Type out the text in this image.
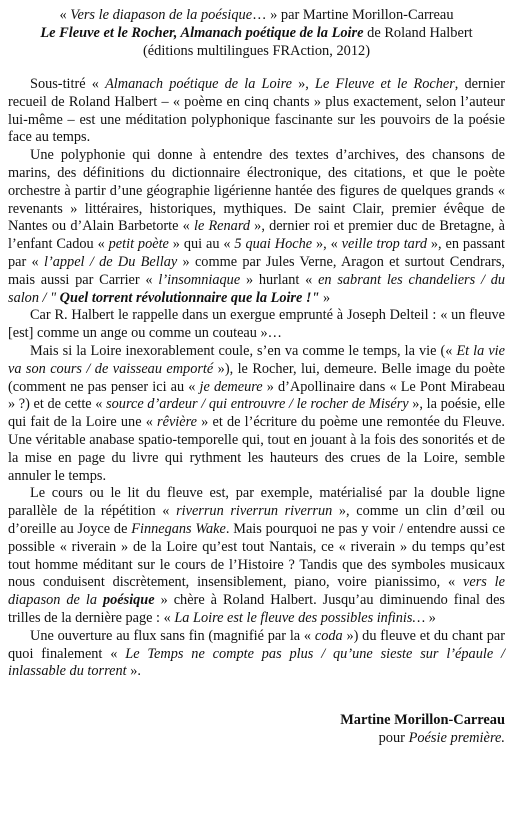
« Vers le diapason de la poésique… » par Martine Morillon-Carreau
Le Fleuve et le Rocher, Almanach poétique de la Loire de Roland Halbert
(éditions multilingues FRAction, 2012)

Sous-titré « Almanach poétique de la Loire », Le Fleuve et le Rocher, dernier recueil de Roland Halbert – « poème en cinq chants » plus exactement, selon l’auteur lui-même – est une méditation polyphonique fascinante sur les pouvoirs de la poésie face au temps.

Une polyphonie qui donne à entendre des textes d’archives, des chansons de marins, des définitions du dictionnaire électronique, des citations, et que le poète orchestre à partir d’une géographie ligérienne hantée des figures de quelques grands « revenants » littéraires, historiques, mythiques. De saint Clair, premier évêque de Nantes ou d’Alain Barbetorte « le Renard », dernier roi et premier duc de Bretagne, à l’enfant Cadou « petit poète » qui au « 5 quai Hoche », « veille trop tard », en passant par « l’appel / de Du Bellay » comme par Jules Verne, Aragon et surtout Cendrars, mais aussi par Carrier « l’insomniaque » hurlant « en sabrant les chandeliers / du salon / " Quel torrent révolutionnaire que la Loire !" »

Car R. Halbert le rappelle dans un exergue emprunté à Joseph Delteil : « un fleuve [est] comme un ange ou comme un couteau »…

Mais si la Loire inexorablement coule, s’en va comme le temps, la vie (« Et la vie va son cours / de vaisseau emporté »), le Rocher, lui, demeure. Belle image du poète (comment ne pas penser ici au « je demeure » d’Apollinaire dans « Le Pont Mirabeau » ?) et de cette « source d’ardeur / qui entrouvre / le rocher de Miséry », la poésie, elle qui fait de la Loire une « rêvière » et de l’écriture du poème une remontée du Fleuve. Une véritable anabase spatio-temporelle qui, tout en jouant à la fois des sonorités et de la mise en page du livre qui rythment les hauteurs des crues de la Loire, semble annuler le temps.

Le cours ou le lit du fleuve est, par exemple, matérialisé par la double ligne parallèle de la répétition « riverrun riverrun riverrun », comme un clin d’œil ou d’oreille au Joyce de Finnegans Wake. Mais pourquoi ne pas y voir / entendre aussi ce possible « riverain » de la Loire qu’est tout Nantais, ce « riverain » du temps qu’est tout homme méditant sur le cours de l’Histoire ? Tandis que des symboles musicaux nous conduisent discrètement, insensiblement, piano, voire pianissimo, « vers le diapason de la poésique » chère à Roland Halbert. Jusqu’au diminuendo final des trilles de la dernière page : « La Loire est le fleuve des possibles infinis… »

Une ouverture au flux sans fin (magnifié par la « coda ») du fleuve et du chant par quoi finalement « Le Temps ne compte pas plus / qu’une sieste sur l’épaule / inlassable du torrent ».

Martine Morillon-Carreau
pour Poésie première.
